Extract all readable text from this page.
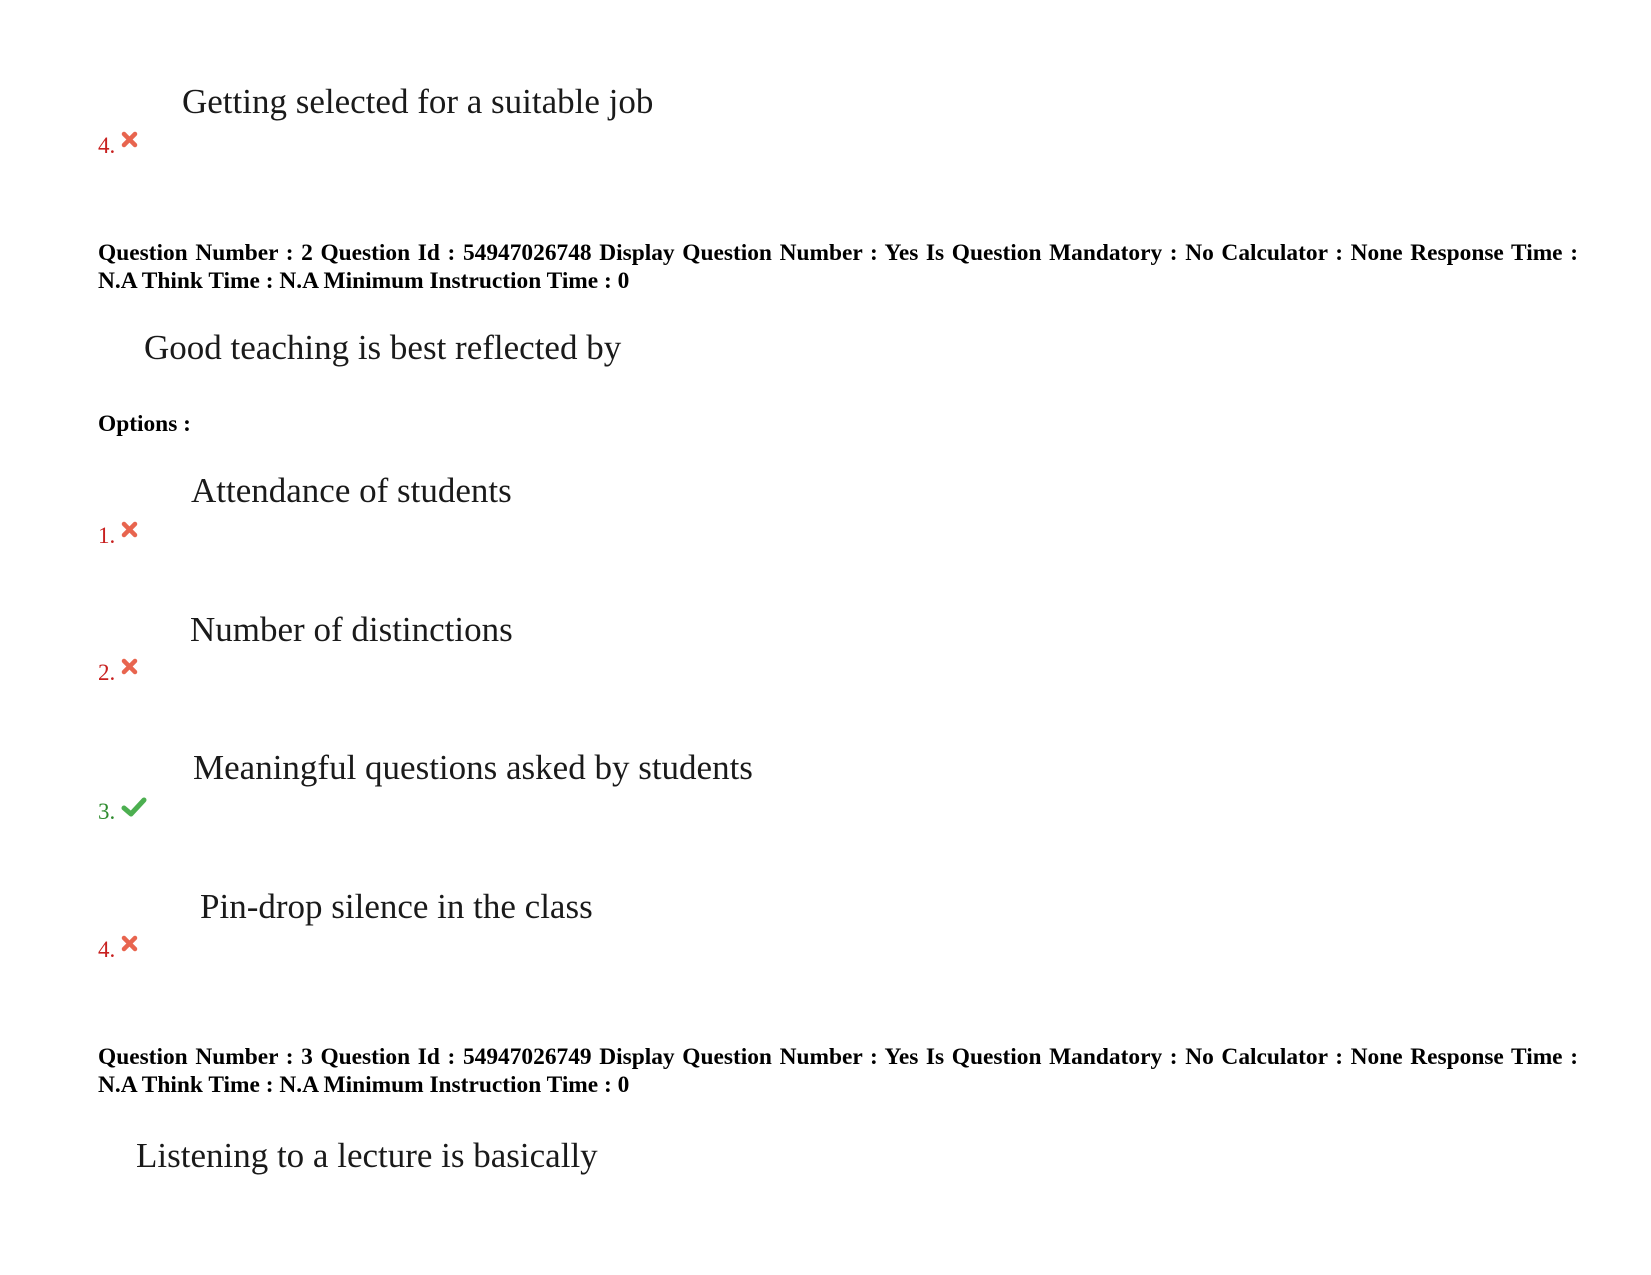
Getting selected for a suitable job
4.
Question Number : 2 Question Id : 54947026748 Display Question Number : Yes Is Question Mandatory : No Calculator : None Response Time : N.A Think Time : N.A Minimum Instruction Time : 0
Good teaching is best reflected by
Options :
Attendance of students
1.
Number of distinctions
2.
Meaningful questions asked by students
3.
Pin-drop silence in the class
4.
Question Number : 3 Question Id : 54947026749 Display Question Number : Yes Is Question Mandatory : No Calculator : None Response Time : N.A Think Time : N.A Minimum Instruction Time : 0
Listening to a lecture is basically
